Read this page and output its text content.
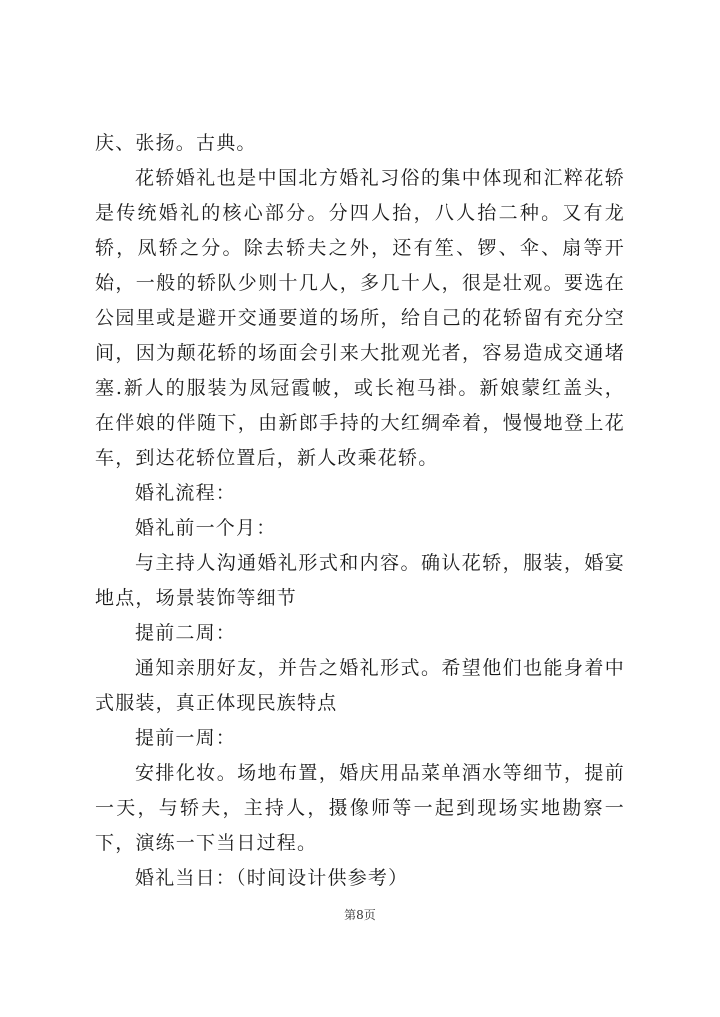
庆、张扬。古典。

花轿婚礼也是中国北方婚礼习俗的集中体现和汇粹花轿是传统婚礼的核心部分。分四人抬，八人抬二种。又有龙轿，凤轿之分。除去轿夫之外，还有笙、锣、伞、扇等开始，一般的轿队少则十几人，多几十人，很是壮观。要选在公园里或是避开交通要道的场所，给自己的花轿留有充分空间，因为颠花轿的场面会引来大批观光者，容易造成交通堵塞.新人的服装为凤冠霞帔，或长袍马褂。新娘蒙红盖头，在伴娘的伴随下，由新郎手持的大红绸牵着，慢慢地登上花车，到达花轿位置后，新人改乘花轿。

婚礼流程：

婚礼前一个月：

与主持人沟通婚礼形式和内容。确认花轿，服装，婚宴地点，场景装饰等细节

提前二周：

通知亲朋好友，并告之婚礼形式。希望他们也能身着中式服装，真正体现民族特点

提前一周：

安排化妆。场地布置，婚庆用品菜单酒水等细节，提前一天，与轿夫，主持人，摄像师等一起到现场实地勘察一下，演练一下当日过程。

婚礼当日：（时间设计供参考）

第8页
